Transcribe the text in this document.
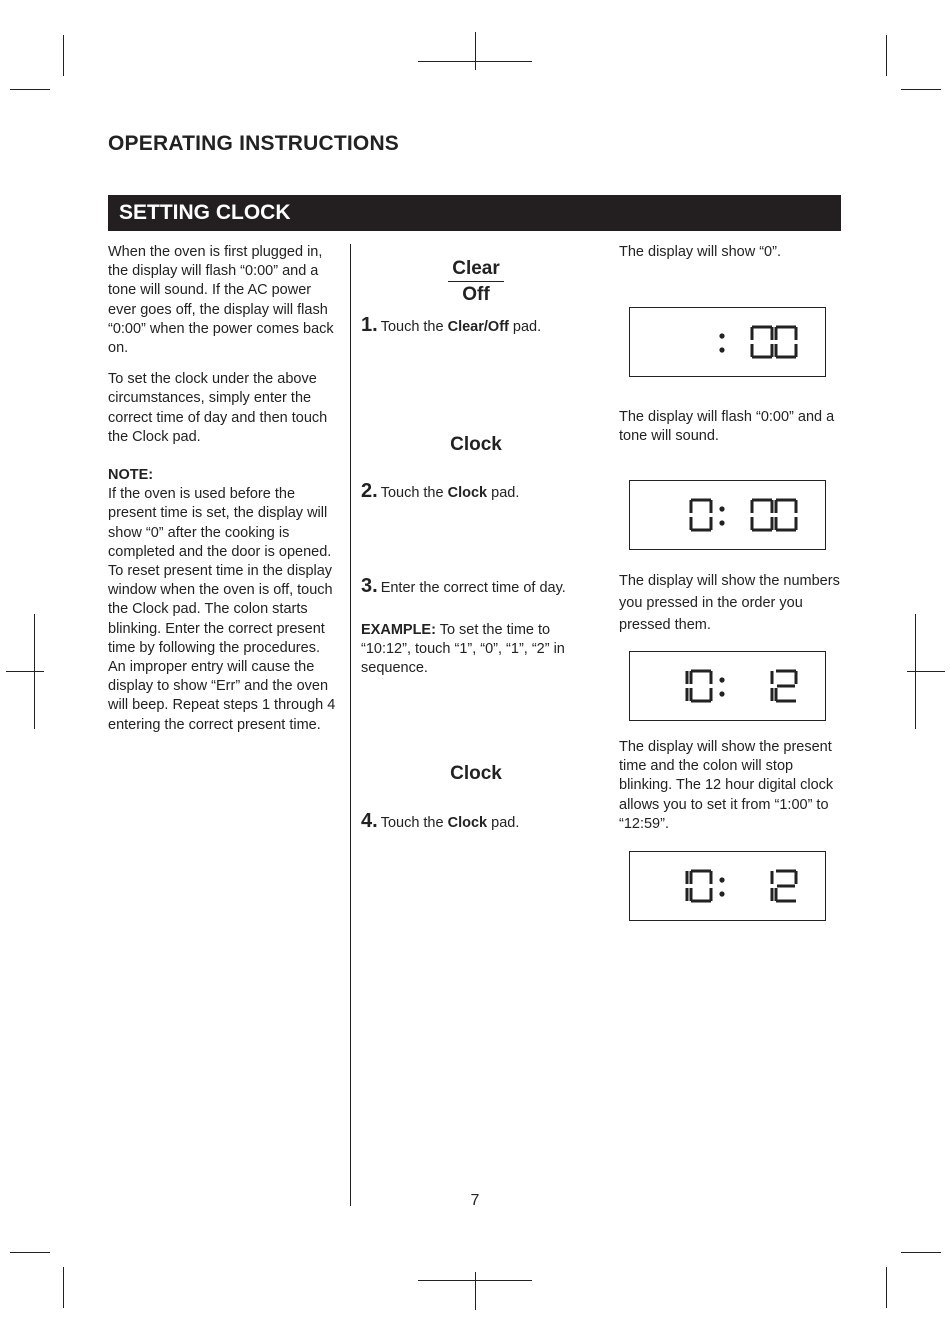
OPERATING INSTRUCTIONS
SETTING CLOCK

When the oven is first plugged in, the display will flash “0:00” and a tone will sound. If the AC power ever goes off, the display will flash “0:00” when the power comes back on.

To set the clock under the above circumstances, simply enter the correct time of day and then touch the Clock pad.

NOTE:
If the oven is used before the present time is set, the display will show “0” after the cooking is completed and the door is opened. To reset present time in the display window when the oven is off, touch the Clock pad. The colon starts blinking. Enter the correct present time by following the procedures. An improper entry will cause the display to show “Err” and the oven will beep. Repeat steps 1 through 4 entering the correct present time.

Clear
Off
1. Touch the Clear/Off pad.
Clock
2. Touch the Clock pad.
3. Enter the correct time of day.
EXAMPLE: To set the time to “10:12”, touch “1”, “0”, “1”, “2” in sequence.
Clock
4. Touch the Clock pad.
The display will show “0”.
The display will flash “0:00” and a tone will sound.
The display will show the numbers you pressed in the order you pressed them.
The display will show the present time and the colon will stop blinking. The 12 hour digital clock allows you to set it from “1:00” to “12:59”.
7
